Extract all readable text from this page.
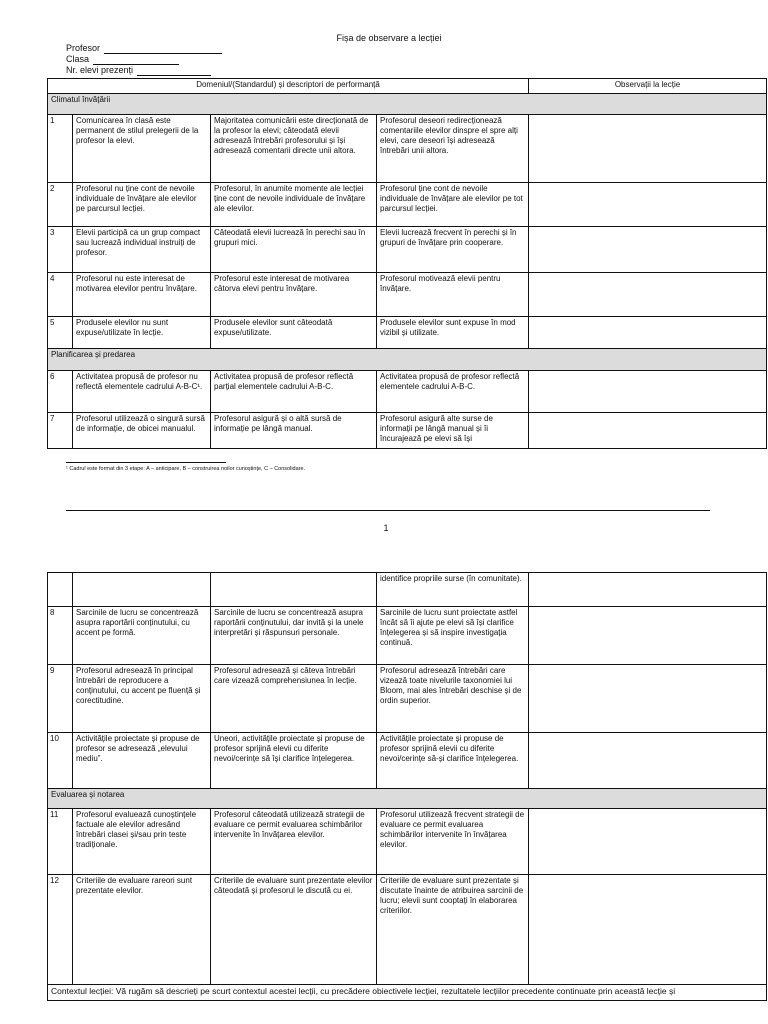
Fișa de observare a lecției
Profesor
Clasa
Nr. elevi prezenți
Domeniul/(Standardul) și descriptori de performanță				Observații la lecție
Climatul învățării				
1	Comunicarea în clasă este permanent de stilul prelegerii de la profesor la elevi.	Majoritatea comunicării este direcționată de la profesor la elevi; câteodată elevii adresează întrebări profesorului și își adresează comentarii directe unii altora.	Profesorul deseori redirecționează comentariile elevilor dinspre el spre alți elevi, care deseori își adresează întrebări unii altora.	
2	Profesorul nu ține cont de nevoile individuale de învățare ale elevilor pe parcursul lecției.	Profesorul, în anumite momente ale lecției ține cont de nevoile individuale de învățare ale elevilor.	Profesorul ține cont de nevoile individuale de învățare ale elevilor pe tot parcursul lecției.	
3	Elevii participă ca un grup compact sau lucrează individual instruiți de profesor.	Câteodată elevii lucrează în perechi sau în grupuri mici.	Elevii lucrează frecvent în perechi și în grupuri de învățare prin cooperare.	
4	Profesorul nu este interesat de motivarea elevilor pentru învățare.	Profesorul este interesat de motivarea câtorva elevi pentru învățare.	Profesorul motivează elevii pentru învățare.	
5	Produsele elevilor nu sunt expuse/utilizate în lecție.	Produsele elevilor sunt câteodată expuse/utilizate.	Produsele elevilor sunt expuse în mod vizibil și utilizate.	
Planificarea și predarea				
6	Activitatea propusă de profesor nu reflectă elementele cadrului A-B-C¹.	Activitatea propusă de profesor reflectă parțial elementele cadrului A-B-C.	Activitatea propusă de profesor reflectă elementele cadrului A-B-C.	
7	Profesorul utilizează o singură sursă de informație, de obicei manualul.	Profesorul asigură și o altă sursă de informație pe lângă manual.	Profesorul asigură alte surse de informații pe lângă manual și îi încurajează pe elevi să își	
¹ Cadrul este format din 3 etape: A – anticipare, B – construirea noilor cunoștințe, C – Consolidare.
1
			identifice propriile surse (în comunitate).	
8	Sarcinile de lucru se concentrează asupra raportării conținutului, cu accent pe formă.	Sarcinile de lucru se concentrează asupra raportării conținutului, dar invită și la unele interpretări și răspunsuri personale.	Sarcinile de lucru sunt proiectate astfel încât să îi ajute pe elevi să își clarifice înțelegerea și să inspire investigația continuă.	
9	Profesorul adresează în principal întrebări de reproducere a conținutului, cu accent pe fluență și corectitudine.	Profesorul adresează și câteva întrebări care vizează comprehensiunea în lecție.	Profesorul adresează întrebări care vizează toate nivelurile taxonomiei lui Bloom, mai ales întrebări deschise și de ordin superior.	
10	Activitățile proiectate și propuse de profesor se adresează „elevului mediu”.	Uneori, activitățile proiectate și propuse de profesor sprijină elevii cu diferite nevoi/cerințe să își clarifice înțelegerea.	Activitățile proiectate și propuse de profesor sprijină elevii cu diferite nevoi/cerințe să-și clarifice înțelegerea.	
Evaluarea și notarea				
11	Profesorul evaluează cunoștințele factuale ale elevilor adresând întrebări clasei și/sau prin teste tradiționale.	Profesorul câteodată utilizează strategii de evaluare ce permit evaluarea schimbărilor intervenite în învățarea elevilor.	Profesorul utilizează frecvent strategii de evaluare ce permit evaluarea schimbărilor intervenite în învățarea elevilor.	
12	Criteriile de evaluare rareori sunt prezentate elevilor.	Criteriile de evaluare sunt prezentate elevilor câteodată și profesorul le discută cu ei.	Criteriile de evaluare sunt prezentate și discutate înainte de atribuirea sarcinii de lucru; elevii sunt cooptați în elaborarea criteriilor.	
Contextul lecției: Vă rugăm să descrieți pe scurt contextul acestei lecții, cu precădere obiectivele lecției, rezultatele lecțiilor precedente continuate prin această lecție și				
